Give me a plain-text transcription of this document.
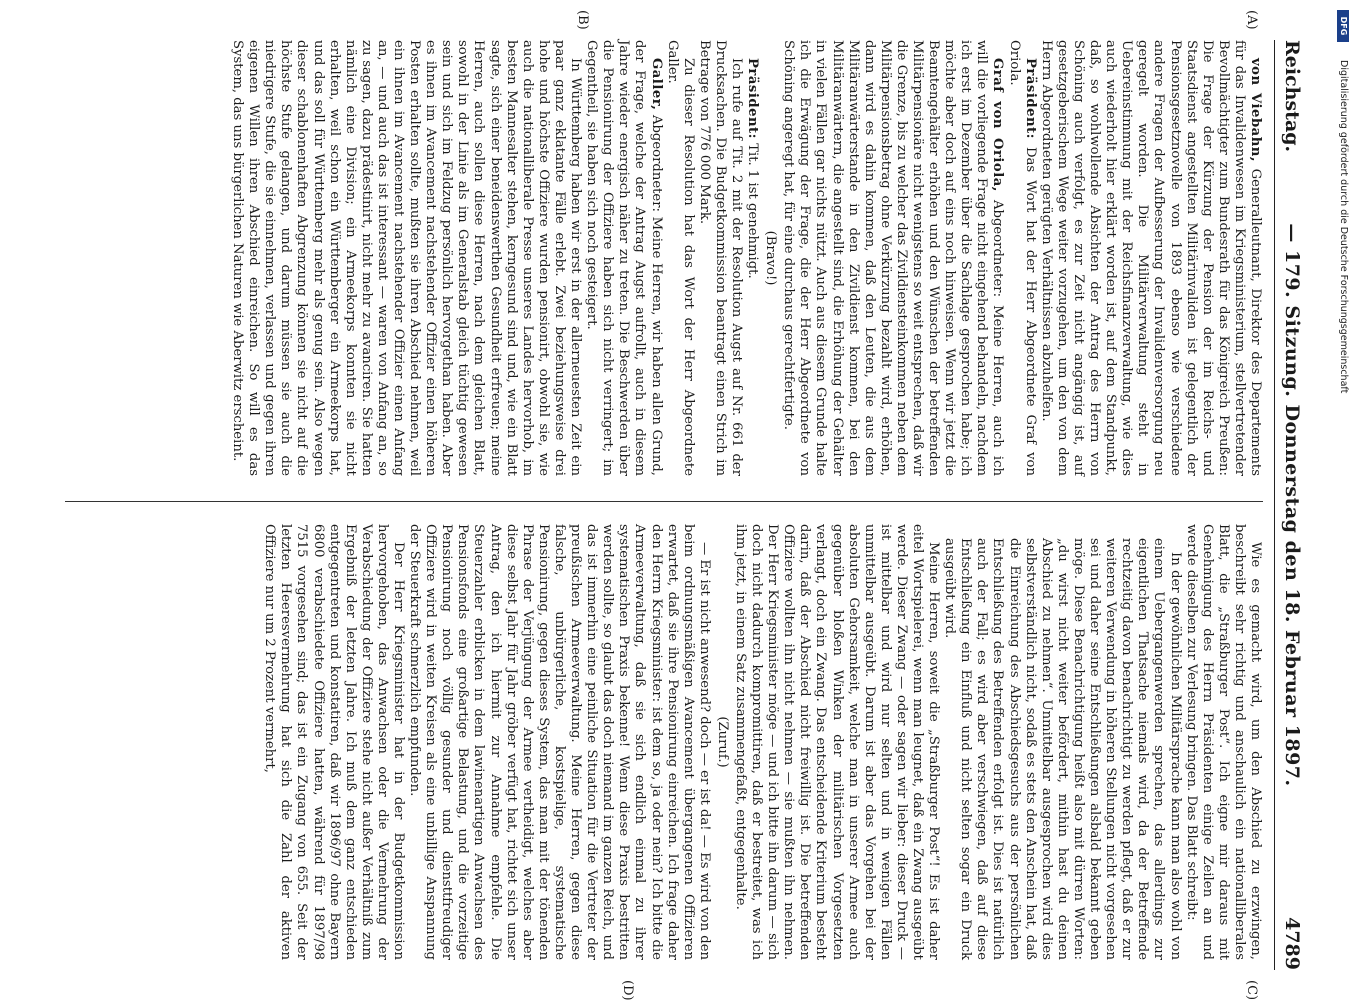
Reichstag.
— 179. Sitzung. Donnerstag den 18. Februar 1897.
4789
(A)
(B)
(C)
(D)

von Viebahn, Generalleutnant, Direktor des Departements für das Invalidenwesen im Kriegsministerium, stellvertretender Bevollmächtigter zum Bundesrath für das Königreich Preußen: Die Frage der Kürzung der Pension der im Reichs- und Staatsdienst angestellten Militärinvaliden ist gelegentlich der Pensionsgesetznovelle von 1893 ebenso wie verschiedene andere Fragen der Aufbesserung der Invalidenversorgung neu geregelt worden. Die Militärverwaltung steht in Uebereinstimmung mit der Reichsfinanzverwaltung, wie dies auch wiederholt hier erklärt worden ist, auf dem Standpunkt, daß, so wohlwollende Absichten der Antrag des Herrn von Schöning auch verfolgt, es zur Zeit nicht angängig ist, auf gesetzgeberischem Wege weiter vorzugehen, um den von dem Herrn Abgeordneten gerügten Verhältnissen abzuhelfen.

Präsident: Das Wort hat der Herr Abgeordnete Graf von Oriola.

Graf von Oriola, Abgeordneter: Meine Herren, auch ich will die vorliegende Frage nicht eingehend behandeln, nachdem ich erst im Dezember über die Sachlage gesprochen habe; ich möchte aber doch auf eins noch hinweisen. Wenn wir jetzt die Beamtengehälter erhöhen und den Wünschen der betreffenden Militärpensionäre nicht wenigstens so weit entsprechen, daß wir die Grenze, bis zu welcher das Zivildiensteinkommen neben dem Militärpensionsbetrag ohne Verkürzung bezahlt wird, erhöhen, dann wird es dahin kommen, daß den Leuten, die aus dem Militäranwärterstande in den Zivildienst kommen, bei den Militäranwärtern, die angestellt sind, die Erhöhung der Gehälter in vielen Fällen gar nichts nützt. Auch aus diesem Grunde halte ich die Erwägung der Frage, die der Herr Abgeordnete von Schöning angeregt hat, für eine durchaus gerechtfertigte.

(Bravo!)

Präsident: Tit. 1 ist genehmigt.

Ich rufe auf Tit. 2 mit der Resolution Augst auf Nr. 661 der Drucksachen. Die Budgetkommission beantragt einen Strich im Betrage von 776 000 Mark.

Zu dieser Resolution hat das Wort der Herr Abgeordnete Galler.

Galler, Abgeordneter: Meine Herren, wir haben allen Grund, der Frage, welche der Antrag Augst aufrollt, auch in diesem Jahre wieder energisch näher zu treten. Die Beschwerden über die Pensionirung der Offiziere haben sich nicht verringert; im Gegentheil, sie haben sich noch gesteigert.

In Württemberg haben wir erst in der allerneuesten Zeit ein paar ganz eklatante Fälle erlebt. Zwei beziehungsweise drei hohe und höchste Offiziere wurden pensionirt, obwohl sie, wie auch die nationalliberale Presse unseres Landes hervorhob, im besten Mannesalter stehen, kerngesund sind und, wie ein Blatt sagte, sich einer beneidenswerthen Gesundheit erfreuen; meine Herren, auch sollen diese Herren, nach dem gleichen Blatt, sowohl in der Linie als im Generalstab gleich tüchtig gewesen sein und sich im Feldzug persönlich hervorgethan haben. Aber es ihnen im Avancement nachstehender Offizier einen höheren Posten erhalten sollte, mußten sie ihren Abschied nehmen, weil ein ihnen im Avancement nachstehender Offizier einen Anfang an, — und auch das ist interessant — waren von Anfang an, so zu sagen, dazu prädestinirt, nicht mehr zu avanciren. Sie hatten nämlich eine Division; ein Armeekorps konnten sie nicht erhalten, weil schon ein Württemberger ein Armeekorps hat, und das soll für Württemberg mehr als genug sein. Also wegen dieser schablonenhaften Abgrenzung können sie nicht auf die höchste Stufe gelangen, und darum müssen sie auch die niedrigere Stufe, die sie einnehmen, verlassen und gegen ihren eigenen Willen ihren Abschied einreichen. So will es das System, das uns bürgerlichen Naturen wie Aberwitz erscheint.

Wie es gemacht wird, um den Abschied zu erzwingen, beschreibt sehr richtig und anschaulich ein nationalliberales Blatt, die „Straßburger Post“. Ich eigne mir daraus mit Genehmigung des Herrn Präsidenten einige Zeilen an und werde dieselben zur Verlesung bringen. Das Blatt schreibt:

In der gewöhnlichen Militärsprache kann man also wohl von einem Uebergangenwerden sprechen, das allerdings zur eigentlichen Thatsache niemals wird, da der Betreffende rechtzeitig davon benachrichtigt zu werden pflegt, daß er zur weiteren Verwendung in höheren Stellungen nicht vorgesehen sei und daher seine Entschließungen alsbald bekannt geben möge. Diese Benachrichtigung heißt also mit dürren Worten: „du wirst nicht weiter befördert, mithin hast du deinen Abschied zu nehmen“. Unmittelbar ausgesprochen wird dies selbstverständlich nicht, sodaß es stets den Anschein hat, daß die Einreichung des Abschiedsgesuchs aus der persönlichen Entschließung des Betreffenden erfolgt ist. Dies ist natürlich auch der Fall; es wird aber verschwiegen, daß auf diese Entschließung ein Einfluß und nicht selten sogar ein Druck ausgeübt wird.

Meine Herren, soweit die „Straßburger Post“! Es ist daher eitel Wortspielerei, wenn man leugnet, daß ein Zwang ausgeübt werde. Dieser Zwang — oder sagen wir lieber: dieser Druck — ist mittelbar und wird nur selten und in wenigen Fällen unmittelbar ausgeübt. Darum ist aber das Vorgehen bei der absoluten Gehorsamkeit, welche man in unserer Armee auch gegenüber bloßen Winken der militärischen Vorgesetzten verlangt, doch ein Zwang. Das entscheidende Kriterium besteht darin, daß der Abschied nicht freiwillig ist. Die betreffenden Offiziere wollten ihn nicht nehmen — sie mußten ihn nehmen. Der Herr Kriegsminister möge — und ich bitte ihn darum — sich doch nicht dadurch kompromittiren, daß er bestreitet, was ich ihm jetzt, in einem Satz zusammengefaßt, entgegenhalte.

(Zuruf.)

— Er ist nicht anwesend? doch — er ist da! — Es wird von den beim ordnungsmäßigen Avancement übergangenen Offizieren erwartet, daß sie ihre Pensionirung einreichen. Ich frage daher den Herrn Kriegsminister: ist dem so, ja oder nein? Ich bitte die Armeeverwaltung, daß sie sich endlich einmal zu ihrer systematischen Praxis bekenne! Wenn diese Praxis bestritten werden sollte, so glaubt das doch niemand im ganzen Reich, und das ist immerhin eine peinliche Situation für die Vertreter der preußischen Armeeverwaltung. Meine Herren, gegen diese falsche, unbürgerliche, kostspielige, systematische Pensionirung, gegen dieses System, das man mit der tönenden Phrase der Verjüngung der Armee vertheidigt, welches aber diese selbst Jahr für Jahr gröber verfügt hat, richtet sich unser Antrag, den ich hiermit zur Annahme empfehle. Die Steuerzahler erblicken in dem lawinenartigen Anwachsen des Pensionsfonds eine großartige Belastung, und die vorzeitige Pensionirung noch völlig gesunder und diensttfreudiger Offiziere wird in weiten Kreisen als eine unbillige Anspannung der Steuerkraft schmerzlich empfunden.

Der Herr Kriegsminister hat in der Budgetkommission hervorgehoben, das Anwachsen oder die Vermehrung der Verabschiedung der Offiziere stehe nicht außer Verhältniß zum Ergebniß der letzten Jahre. Ich muß dem ganz entschieden entgegentreten und konstatiren, daß wir 1896/97 ohne Bayern 6800 verabschiedete Offiziere hatten, während für 1897/98 7515 vorgesehen sind; das ist ein Zugang von 655. Seit der letzten Heeresvermehrung hat sich die Zahl der aktiven Offiziere nur um 2 Prozent vermehrt,

DFG
Digitalisierung gefördert durch die Deutsche Forschungsgemeinschaft
